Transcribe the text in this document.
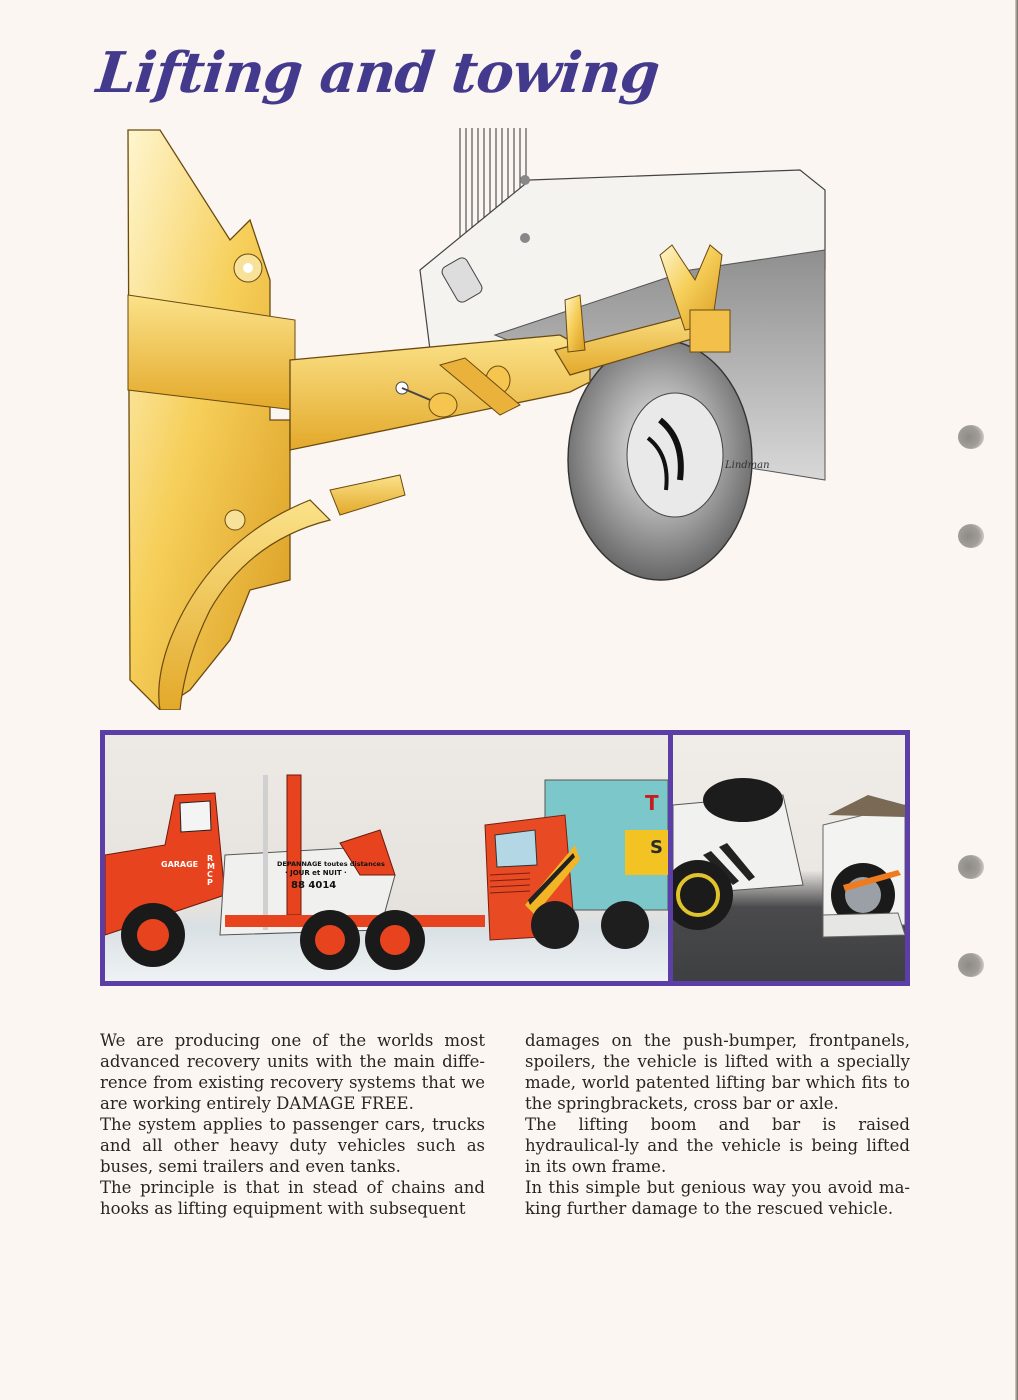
Lifting and towing
Lindman
GARAGE
RMCP
DEPANNAGE toutes distances
· JOUR et NUIT ·
88 4014
T
S

We are producing one of the worlds most advanced recovery units with the main diffe-rence from existing recovery systems that we are working entirely DAMAGE FREE.

The system applies to passenger cars, trucks and all other heavy duty vehicles such as buses, semi trailers and even tanks.

The principle is that in stead of chains and hooks as lifting equipment with subsequent

damages on the push-bumper, frontpanels, spoilers, the vehicle is lifted with a specially made, world patented lifting bar which fits to the springbrackets, cross bar or axle.

The lifting boom and bar is raised hydraulical-ly and the vehicle is being lifted in its own frame.

In this simple but genious way you avoid ma-king further damage to the rescued vehicle.
